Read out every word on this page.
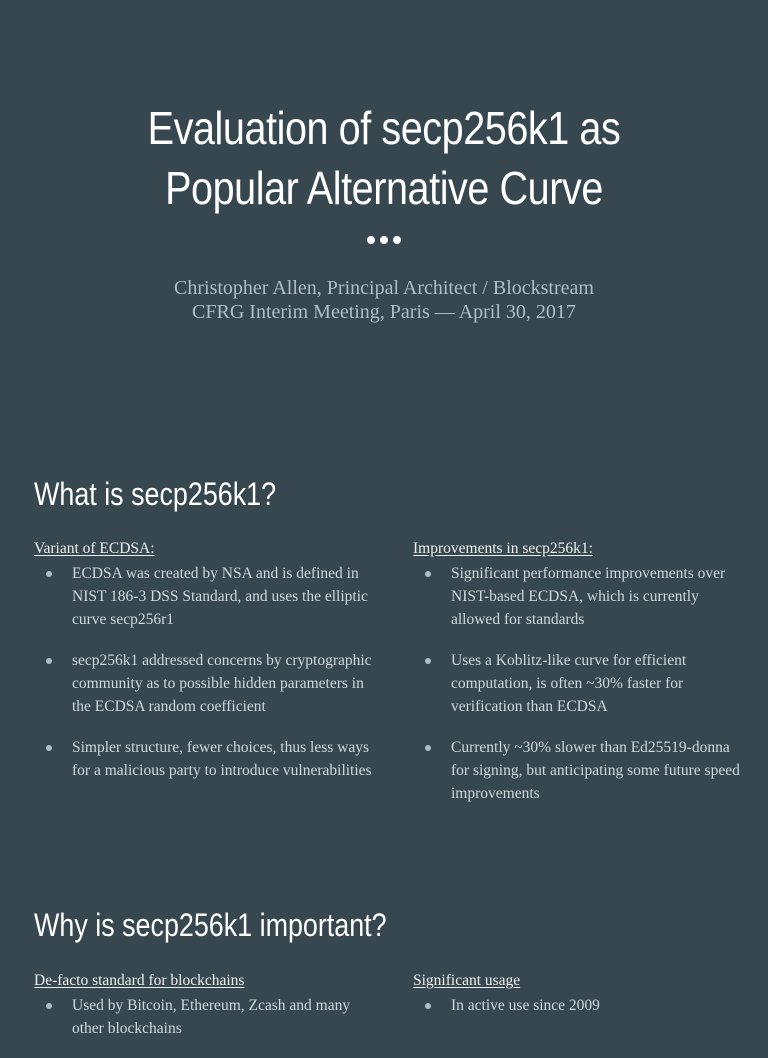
Evaluation of secp256k1 as
Popular Alternative Curve
Christopher Allen, Principal Architect / Blockstream
CFRG Interim Meeting, Paris — April 30, 2017
What is secp256k1?
Variant of ECDSA:
ECDSA was created by NSA and is defined in NIST 186-3 DSS Standard, and uses the elliptic curve secp256r1
secp256k1 addressed concerns by cryptographic community as to possible hidden parameters in the ECDSA random coefficient
Simpler structure, fewer choices, thus less ways for a malicious party to introduce vulnerabilities
Improvements in secp256k1:
Significant performance improvements over NIST-based ECDSA, which is currently allowed for standards
Uses a Koblitz-like curve for efficient computation, is often ~30% faster for verification than ECDSA
Currently ~30% slower than Ed25519-donna for signing, but anticipating some future speed improvements
Why is secp256k1 important?
De-facto standard for blockchains
Used by Bitcoin, Ethereum, Zcash and many other blockchains
Significant usage
In active use since 2009
